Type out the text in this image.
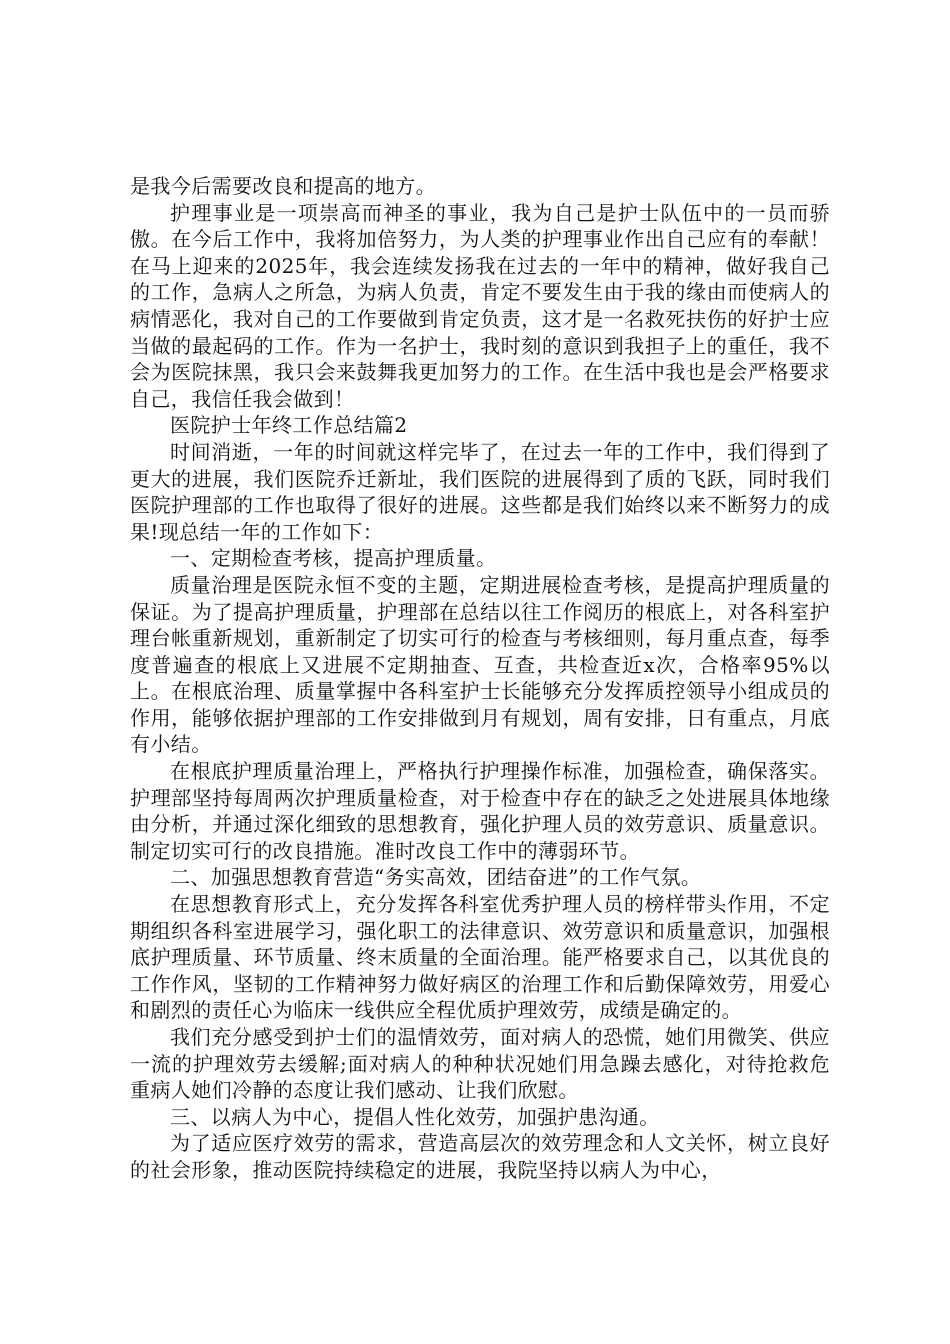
是我今后需要改良和提高的地方。

护理事业是一项崇高而神圣的事业，我为自己是护士队伍中的一员而骄傲。在今后工作中，我将加倍努力，为人类的护理事业作出自己应有的奉献！在马上迎来的2025年，我会连续发扬我在过去的一年中的精神，做好我自己的工作，急病人之所急，为病人负责，肯定不要发生由于我的缘由而使病人的病情恶化，我对自己的工作要做到肯定负责，这才是一名救死扶伤的好护士应当做的最起码的工作。作为一名护士，我时刻的意识到我担子上的重任，我不会为医院抹黑，我只会来鼓舞我更加努力的工作。在生活中我也是会严格要求自己，我信任我会做到！

医院护士年终工作总结篇2

时间消逝，一年的时间就这样完毕了，在过去一年的工作中，我们得到了更大的进展，我们医院乔迁新址，我们医院的进展得到了质的飞跃，同时我们医院护理部的工作也取得了很好的进展。这些都是我们始终以来不断努力的成果!现总结一年的工作如下：

一、定期检查考核，提高护理质量。

质量治理是医院永恒不变的主题，定期进展检查考核，是提高护理质量的保证。为了提高护理质量，护理部在总结以往工作阅历的根底上，对各科室护理台帐重新规划，重新制定了切实可行的检查与考核细则，每月重点查，每季度普遍查的根底上又进展不定期抽查、互查，共检查近x次，合格率95%以上。在根底治理、质量掌握中各科室护士长能够充分发挥质控领导小组成员的作用，能够依据护理部的工作安排做到月有规划，周有安排，日有重点，月底有小结。

在根底护理质量治理上，严格执行护理操作标准，加强检查，确保落实。护理部坚持每周两次护理质量检查，对于检查中存在的缺乏之处进展具体地缘由分析，并通过深化细致的思想教育，强化护理人员的效劳意识、质量意识。制定切实可行的改良措施。准时改良工作中的薄弱环节。

二、加强思想教育营造“务实高效，团结奋进”的工作气氛。

在思想教育形式上，充分发挥各科室优秀护理人员的榜样带头作用，不定期组织各科室进展学习，强化职工的法律意识、效劳意识和质量意识，加强根底护理质量、环节质量、终末质量的全面治理。能严格要求自己，以其优良的工作作风，坚韧的工作精神努力做好病区的治理工作和后勤保障效劳，用爱心和剧烈的责任心为临床一线供应全程优质护理效劳，成绩是确定的。

我们充分感受到护士们的温情效劳，面对病人的恐慌，她们用微笑、供应一流的护理效劳去缓解;面对病人的种种状况她们用急躁去感化，对待抢救危重病人她们冷静的态度让我们感动、让我们欣慰。

三、以病人为中心，提倡人性化效劳，加强护患沟通。

为了适应医疗效劳的需求，营造高层次的效劳理念和人文关怀，树立良好的社会形象，推动医院持续稳定的进展，我院坚持以病人为中心，
